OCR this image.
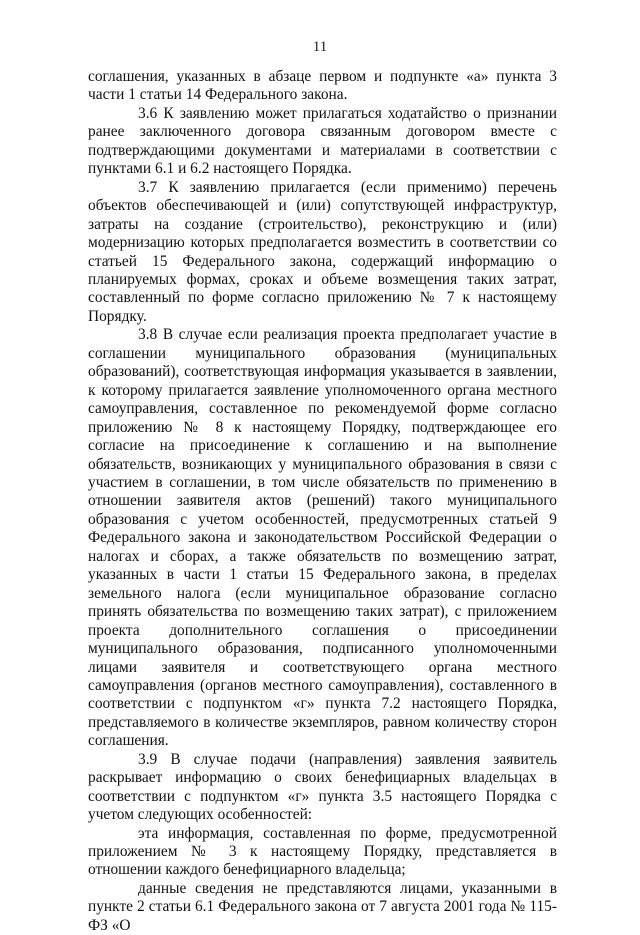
11

соглашения, указанных в абзаце первом и подпункте «а» пункта 3 части 1 статьи 14 Федерального закона.

3.6 К заявлению может прилагаться ходатайство о признании ранее заключенного договора связанным договором вместе с подтверждающими документами и материалами в соответствии с пунктами 6.1 и 6.2 настоящего Порядка.

3.7 К заявлению прилагается (если применимо) перечень объектов обеспечивающей и (или) сопутствующей инфраструктур, затраты на создание (строительство), реконструкцию и (или) модернизацию которых предполагается возместить в соответствии со статьей 15 Федерального закона, содержащий информацию о планируемых формах, сроках и объеме возмещения таких затрат, составленный по форме согласно приложению № 7 к настоящему Порядку.

3.8 В случае если реализация проекта предполагает участие в соглашении муниципального образования (муниципальных образований), соответствующая информация указывается в заявлении, к которому прилагается заявление уполномоченного органа местного самоуправления, составленное по рекомендуемой форме согласно приложению № 8 к настоящему Порядку, подтверждающее его согласие на присоединение к соглашению и на выполнение обязательств, возникающих у муниципального образования в связи с участием в соглашении, в том числе обязательств по применению в отношении заявителя актов (решений) такого муниципального образования с учетом особенностей, предусмотренных статьей 9 Федерального закона и законодательством Российской Федерации о налогах и сборах, а также обязательств по возмещению затрат, указанных в части 1 статьи 15 Федерального закона, в пределах земельного налога (если муниципальное образование согласно принять обязательства по возмещению таких затрат), с приложением проекта дополнительного соглашения о присоединении муниципального образования, подписанного уполномоченными лицами заявителя и соответствующего органа местного самоуправления (органов местного самоуправления), составленного в соответствии с подпунктом «г» пункта 7.2 настоящего Порядка, представляемого в количестве экземпляров, равном количеству сторон соглашения.

3.9 В случае подачи (направления) заявления заявитель раскрывает информацию о своих бенефициарных владельцах в соответствии с подпунктом «г» пункта 3.5 настоящего Порядка с учетом следующих особенностей:

эта информация, составленная по форме, предусмотренной приложением № 3 к настоящему Порядку, представляется в отношении каждого бенефициарного владельца;

данные сведения не представляются лицами, указанными в пункте 2 статьи 6.1 Федерального закона от 7 августа 2001 года № 115-ФЗ «О
